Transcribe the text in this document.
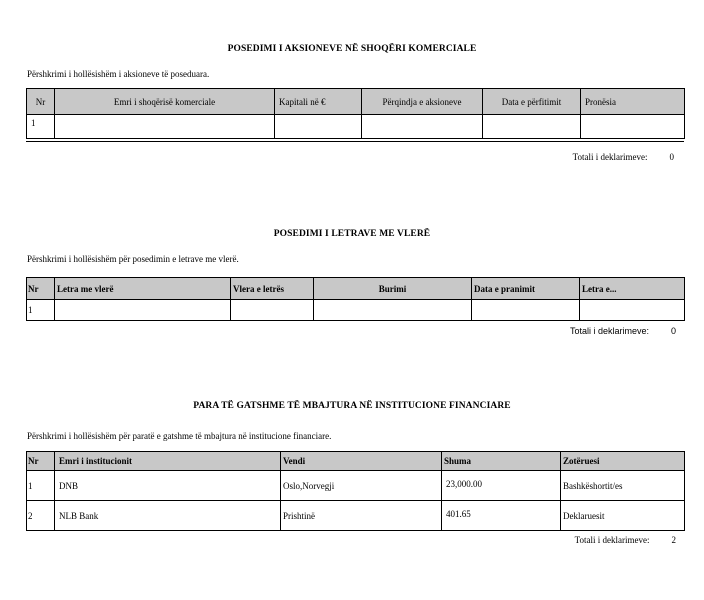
POSEDIMI I AKSIONEVE NË SHOQËRI KOMERCIALE
Përshkrimi i hollësishëm i aksioneve të poseduara.
Nr	Emri i shoqërisë komerciale	Kapitali në €	Përqindja e aksioneve	Data e përfitimit	Pronësia
1					
Totali i deklarimeve: 0
POSEDIMI I LETRAVE ME VLERË
Përshkrimi i hollësishëm për posedimin e letrave me vlerë.
Nr	Letra me vlerë	Vlera e letrës	Burimi	Data e pranimit	Letra e...
1					
Totali i deklarimeve: 0
PARA TË GATSHME TË MBAJTURA NË INSTITUCIONE FINANCIARE
Përshkrimi i hollësishëm për paratë e gatshme të mbajtura në institucione financiare.
Nr	Emri i institucionit	Vendi	Shuma	Zotëruesi
1	DNB	Oslo,Norvegji	23,000.00	Bashkëshortit/es
2	NLB Bank	Prishtinë	401.65	Deklaruesit
Totali i deklarimeve: 2
